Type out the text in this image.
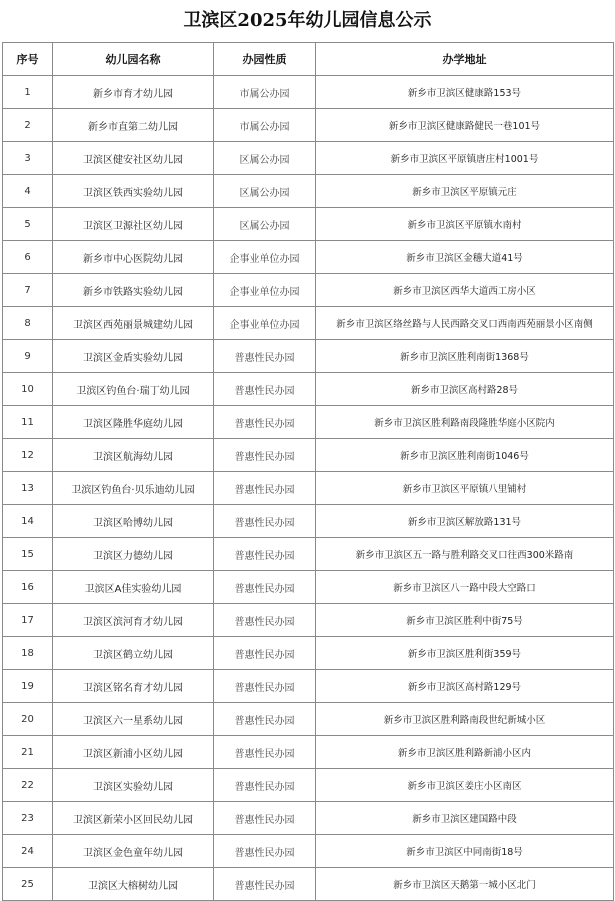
卫滨区2025年幼儿园信息公示
序号	幼儿园名称	办园性质	办学地址
1	新乡市育才幼儿园	市属公办园	新乡市卫滨区健康路153号
2	新乡市直第二幼儿园	市属公办园	新乡市卫滨区健康路健民一巷101号
3	卫滨区健安社区幼儿园	区属公办园	新乡市卫滨区平原镇唐庄村1001号
4	卫滨区铁西实验幼儿园	区属公办园	新乡市卫滨区平原镇元庄
5	卫滨区卫源社区幼儿园	区属公办园	新乡市卫滨区平原镇水南村
6	新乡市中心医院幼儿园	企事业单位办园	新乡市卫滨区金穗大道41号
7	新乡市铁路实验幼儿园	企事业单位办园	新乡市卫滨区西华大道西工房小区
8	卫滨区西苑丽景城建幼儿园	企事业单位办园	新乡市卫滨区络丝路与人民西路交叉口西南西苑丽景小区南侧
9	卫滨区金盾实验幼儿园	普惠性民办园	新乡市卫滨区胜利南街1368号
10	卫滨区钓鱼台·瑞丁幼儿园	普惠性民办园	新乡市卫滨区高村路28号
11	卫滨区隆胜华庭幼儿园	普惠性民办园	新乡市卫滨区胜利路南段隆胜华庭小区院内
12	卫滨区航海幼儿园	普惠性民办园	新乡市卫滨区胜利南街1046号
13	卫滨区钓鱼台·贝乐迪幼儿园	普惠性民办园	新乡市卫滨区平原镇八里铺村
14	卫滨区哈博幼儿园	普惠性民办园	新乡市卫滨区解放路131号
15	卫滨区力德幼儿园	普惠性民办园	新乡市卫滨区五一路与胜利路交叉口往西300米路南
16	卫滨区A佳实验幼儿园	普惠性民办园	新乡市卫滨区八一路中段大空路口
17	卫滨区滨河育才幼儿园	普惠性民办园	新乡市卫滨区胜利中街75号
18	卫滨区鹤立幼儿园	普惠性民办园	新乡市卫滨区胜利街359号
19	卫滨区铭名育才幼儿园	普惠性民办园	新乡市卫滨区高村路129号
20	卫滨区六一星系幼儿园	普惠性民办园	新乡市卫滨区胜利路南段世纪新城小区
21	卫滨区新浦小区幼儿园	普惠性民办园	新乡市卫滨区胜利路新浦小区内
22	卫滨区实验幼儿园	普惠性民办园	新乡市卫滨区姜庄小区南区
23	卫滨区新荣小区回民幼儿园	普惠性民办园	新乡市卫滨区建国路中段
24	卫滨区金色童年幼儿园	普惠性民办园	新乡市卫滨区中同南街18号
25	卫滨区大榕树幼儿园	普惠性民办园	新乡市卫滨区天鹅第一城小区北门
